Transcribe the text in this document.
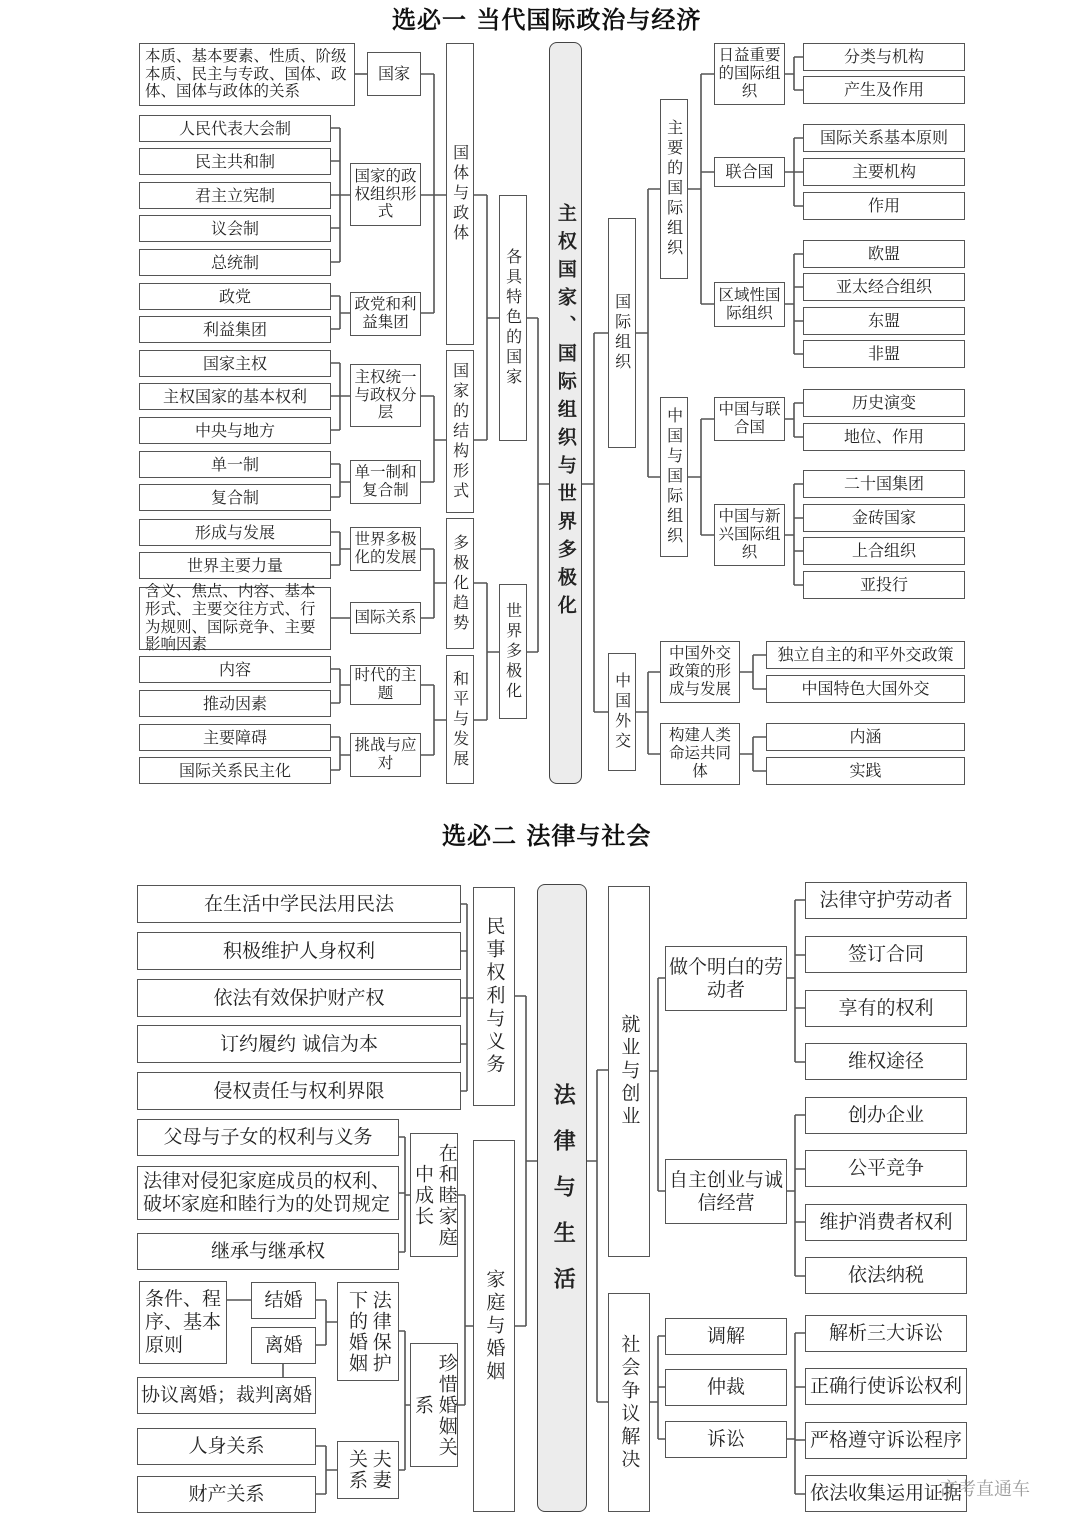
选必一 当代国际政治与经济
主权国家、国际组织与世界多极化
各具特色的国家
国体与政体
国家的结构形式
国家
国家的政权组织形式
政党和利益集团
主权统一与政权分层
单一制和复合制
本质、基本要素、性质、阶级本质、民主与专政、国体、政体、国体与政体的关系
人民代表大会制
民主共和制
君主立宪制
议会制
总统制
政党
利益集团
国家主权
主权国家的基本权利
中央与地方
单一制
复合制
世界多极化
多极化趋势
和平与发展
世界多极化的发展
国际关系
时代的主题
挑战与应对
形成与发展
世界主要力量
含义、焦点、内容、基本形式、主要交往方式、行为规则、国际竞争、主要影响因素
内容
推动因素
主要障碍
国际关系民主化
国际组织
主要的国际组织
中国与国际组织
日益重要的国际组织
联合国
区域性国际组织
中国与联合国
中国与新兴国际组织
分类与机构
产生及作用
国际关系基本原则
主要机构
作用
欧盟
亚太经合组织
东盟
非盟
历史演变
地位、作用
二十国集团
金砖国家
上合组织
亚投行
中国外交
中国外交政策的形成与发展
构建人类命运共同体
独立自主的和平外交政策
中国特色大国外交
内涵
实践
选必二 法律与社会
法律与生活
民事权利与义务
在生活中学民法用民法
积极维护人身权利
依法有效保护财产权
订约履约 诚信为本
侵权责任与权利界限
家庭与婚姻
在和睦家庭中成长
珍惜婚姻关系
父母与子女的权利与义务
法律对侵犯家庭成员的权利、破坏家庭和睦行为的处罚规定
继承与继承权
法律保护下的婚姻
结婚
离婚
条件、程序、基本原则
协议离婚；裁判离婚
夫妻关系
人身关系
财产关系
就业与创业
做个明白的劳动者
自主创业与诚信经营
法律守护劳动者
签订合同
享有的权利
维权途径
创办企业
公平竞争
维护消费者权利
依法纳税
社会争议解决	调解
仲裁
诉讼
解析三大诉讼
正确行使诉讼权利
严格遵守诉讼程序
依法收集运用证据
高考直通车
